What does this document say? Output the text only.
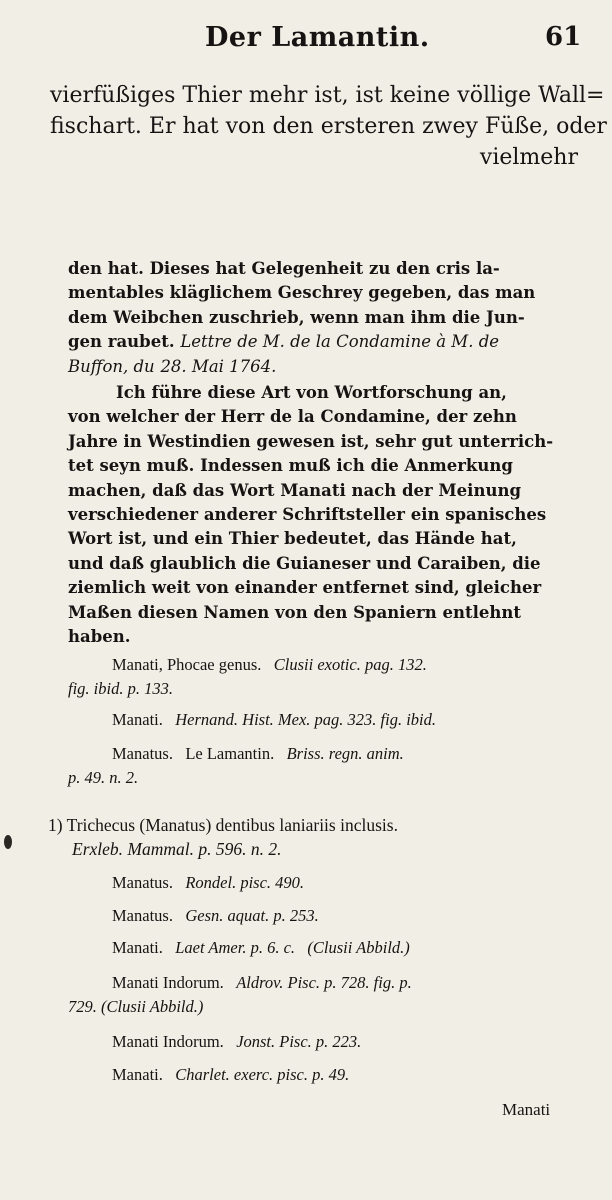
Der Lamantin.	61
vierfüßiges Thier mehr ist, ist keine völlige Wall=
fischart. Er hat von den ersteren zwey Füße, oder
vielmehr
den hat. Dieses hat Gelegenheit zu den cris la-
mentables kläglichem Geschrey gegeben, das man
dem Weibchen zuschrieb, wenn man ihm die Jun-
gen raubet. Lettre de M. de la Condamine à M. de
Buffon, du 28. Mai 1764.
Ich führe diese Art von Wortforschung an,
von welcher der Herr de la Condamine, der zehn
Jahre in Westindien gewesen ist, sehr gut unterrich-
tet seyn muß. Indessen muß ich die Anmerkung
machen, daß das Wort Manati nach der Meinung
verschiedener anderer Schriftsteller ein spanisches
Wort ist, und ein Thier bedeutet, das Hände hat,
und daß glaublich die Guianeser und Caraiben, die
ziemlich weit von einander entfernet sind, gleicher
Maßen diesen Namen von den Spaniern entlehnt
haben.
Manati, Phocae genus. Clusii exotic. pag. 132.
fig. ibid. p. 133.
Manati. Hernand. Hist. Mex. pag. 323. fig. ibid.
Manatus. Le Lamantin. Briss. regn. anim.
p. 49. n. 2.
1) Trichecus (Manatus) dentibus laniariis inclusis.
Erxleb. Mammal. p. 596. n. 2.
Manatus. Rondel. pisc. 490.
Manatus. Gesn. aquat. p. 253.
Manati. Laet Amer. p. 6. c. (Clusii Abbild.)
Manati Indorum. Aldrov. Pisc. p. 728. fig. p.
729. (Clusii Abbild.)
Manati Indorum. Jonst. Pisc. p. 223.
Manati. Charlet. exerc. pisc. p. 49.
Manati
